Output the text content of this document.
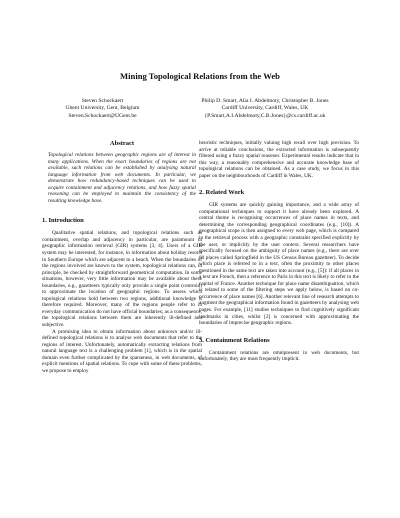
Mining Topological Relations from the Web
Steven Schockaert
Ghent University, Gent, Belgium
Steven.Schockaert@UGent.be
Philip D. Smart, Alia I. Abdelmoty, Christopher B. Jones
Cardiff University, Cardiff, Wales, UK
{P.Smart,A.I.Abdelmoty,C.B.Jones}@cs.cardiff.ac.uk
Abstract

Topological relations between geographic regions are of interest in many applications. When the exact boundaries of regions are not available, such relations can be established by analysing natural language information from web documents. In particular, we demonstrate how redundancy-based techniques can be used to acquire containment and adjacency relations, and how fuzzy spatial reasoning can be employed to maintain the consistency of the resulting knowledge base.

1. Introduction

Qualitative spatial relations, and topological relations such as containment, overlap and adjacency in particular, are paramount in geographic information retrieval (GIR) systems [3, 4]. Users of a GIR system may be interested, for instance, in information about holiday resorts in Southern Europe which are adjacent to a beach. When the boundaries of the regions involved are known to the system, topological relations can, in principle, be checked by straightforward geometrical computation. In some situations, however, very little information may be available about these boundaries, e.g., gazetteers typically only provide a single point (centroid) to approximate the location of geographic regions. To assess which topological relations hold between two regions, additional knowledge is therefore required. Moreover, many of the regions people refer to in everyday communication do not have official boundaries; as a consequence, the topological relations between them are inherently ill-defined and subjective.

A promising idea to obtain information about unknown and/or ill-defined topological relations is to analyse web documents that refer to the regions of interest. Unfortunately, automatically extracting relations from natural language text is a challenging problem [1], which is in the spatial domain even further complicated by the sparseness, in web documents, of explicit mentions of spatial relations. To cope with some of these problems, we propose to employ

heuristic techniques, initially valuing high recall over high precision. To arrive at reliable conclusions, the extracted information is subsequently filtered using a fuzzy spatial reasoner. Experimental results indicate that in this way, a reasonably comprehensive and accurate knowledge base of topological relations can be obtained. As a case study, we focus in this paper on the neighbourhoods of Cardiff in Wales, UK.

2. Related Work

GIR systems are quickly gaining importance, and a wide array of computational techniques to support it have already been explored. A central theme is recognising occurrences of place names in texts, and determining the corresponding geographical coordinates (e.g., [10]). A geographical scope is then assigned to every web page, which is compared in the retrieval process with a geographic constraint specified explicitly by the user, or implicitly by the user context. Several researchers have specifically focused on the ambiguity of place names (e.g., there are over 80 places called Springfield in the US Census Bureau gazetteer). To decide which place is referred to in a text, often the proximity to other places mentioned in the same text are taken into account (e.g., [5]): if all places in a text are French, then a reference to Paris in this text is likely to refer to the capital of France. Another technique for place name disambiguation, which is related to some of the filtering steps we apply below, is based on co-occurrence of place names [6]. Another relevant line of research attempts to augment the geographical information found in gazetteers by analysing web pages. For example, [11] studies techniques to find cognitively significant landmarks in cities, whilst [2] is concerned with approximating the boundaries of imprecise geographic regions.

3. Containment Relations

Containment relations are omnipresent in web documents, but unfortunately, they are most frequently implicit.
